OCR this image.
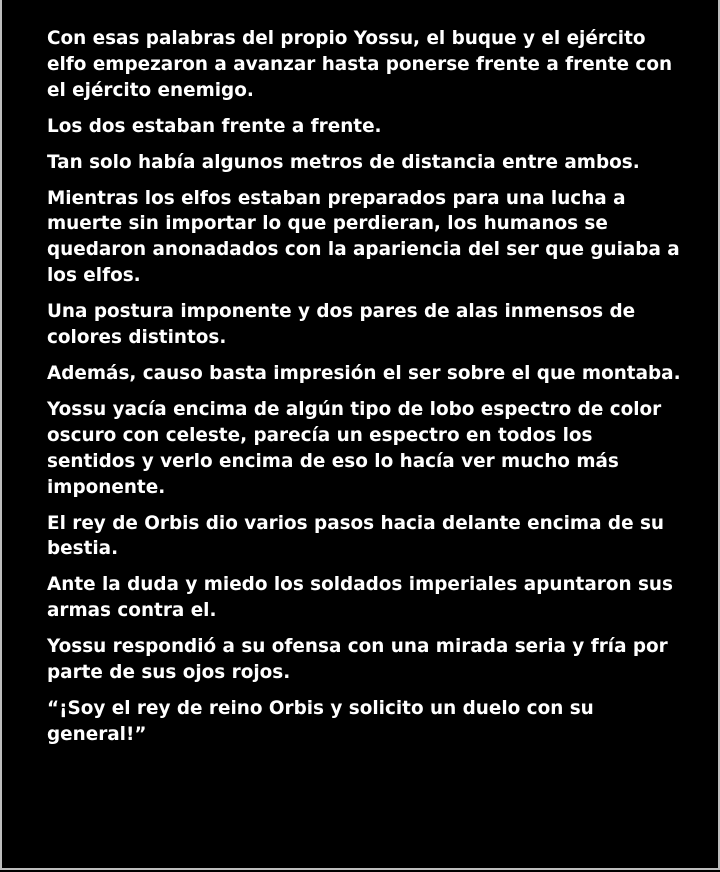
Con esas palabras del propio Yossu, el buque y el ejército elfo empezaron a avanzar hasta ponerse frente a frente con el ejército enemigo.

Los dos estaban frente a frente.

Tan solo había algunos metros de distancia entre ambos.

Mientras los elfos estaban preparados para una lucha a muerte sin importar lo que perdieran, los humanos se quedaron anonadados con la apariencia del ser que guiaba a los elfos.

Una postura imponente y dos pares de alas inmensos de colores distintos.

Además, causo basta impresión el ser sobre el que montaba.

Yossu yacía encima de algún tipo de lobo espectro de color oscuro con celeste, parecía un espectro en todos los sentidos y verlo encima de eso lo hacía ver mucho más imponente.

El rey de Orbis dio varios pasos hacia delante encima de su bestia.

Ante la duda y miedo los soldados imperiales apuntaron sus armas contra el.

Yossu respondió a su ofensa con una mirada seria y fría por parte de sus ojos rojos.

“¡Soy el rey de reino Orbis y solicito un duelo con su general!”
